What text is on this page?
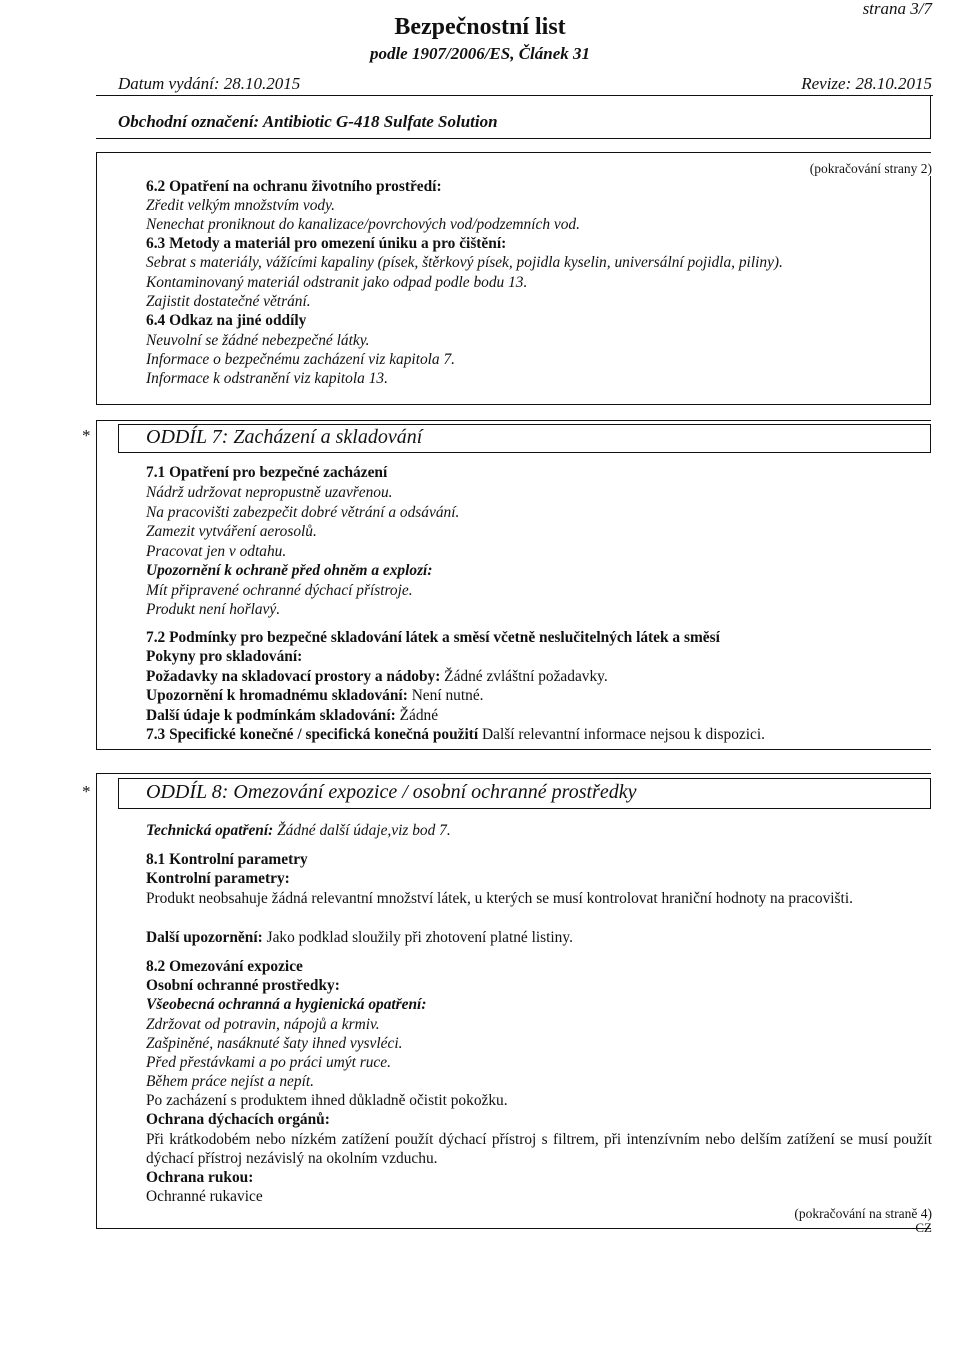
strana 3/7
Bezpečnostní list
podle 1907/2006/ES, Článek 31
Datum vydání: 28.10.2015	Revize: 28.10.2015
Obchodní označení: Antibiotic G-418 Sulfate Solution
(pokračování strany 2)
6.2 Opatření na ochranu životního prostředí:
Zředit velkým množstvím vody.
Nenechat proniknout do kanalizace/povrchových vod/podzemních vod.
6.3 Metody a materiál pro omezení úniku a pro čištění:
Sebrat s materiály, vážícími kapaliny (písek, štěrkový písek, pojidla kyselin, universální pojidla, piliny).
Kontaminovaný materiál odstranit jako odpad podle bodu 13.
Zajistit dostatečné větrání.
6.4 Odkaz na jiné oddíly
Neuvolní se žádné nebezpečné látky.
Informace o bezpečnému zacházení viz kapitola 7.
Informace k odstranění viz kapitola 13.
*	ODDÍL 7: Zacházení a skladování
7.1 Opatření pro bezpečné zacházení
Nádrž udržovat nepropustně uzavřenou.
Na pracovišti zabezpečit dobré větrání a odsávání.
Zamezit vytváření aerosolů.
Pracovat jen v odtahu.
Upozornění k ochraně před ohněm a explozí:
Mít připravené ochranné dýchací přístroje.
Produkt není hořlavý.
7.2 Podmínky pro bezpečné skladování látek a směsí včetně neslučitelných látek a směsí
Pokyny pro skladování:
Požadavky na skladovací prostory a nádoby: Žádné zvláštní požadavky.
Upozornění k hromadnému skladování: Není nutné.
Další údaje k podmínkám skladování: Žádné
7.3 Specifické konečné / specifická konečná použití Další relevantní informace nejsou k dispozici.
*	ODDÍL 8: Omezování expozice / osobní ochranné prostředky
Technická opatření: Žádné další údaje,viz bod 7.
8.1 Kontrolní parametry
Kontrolní parametry:
Produkt neobsahuje žádná relevantní množství látek, u kterých se musí kontrolovat hraniční hodnoty na pracovišti.
Další upozornění: Jako podklad sloužily při zhotovení platné listiny.
8.2 Omezování expozice
Osobní ochranné prostředky:
Všeobecná ochranná a hygienická opatření:
Zdržovat od potravin, nápojů a krmiv.
Zašpiněné, nasáknuté šaty ihned vysvléci.
Před přestávkami a po práci umýt ruce.
Během práce nejíst a nepít.
Po zacházení s produktem ihned důkladně očistit pokožku.
Ochrana dýchacích orgánů:
Při krátkodobém nebo nízkém zatížení použít dýchací přístroj s filtrem, při intenzívním nebo delším zatížení se musí použít dýchací přístroj nezávislý na okolním vzduchu.
Ochrana rukou:
Ochranné rukavice
(pokračování na straně 4)
CZ
